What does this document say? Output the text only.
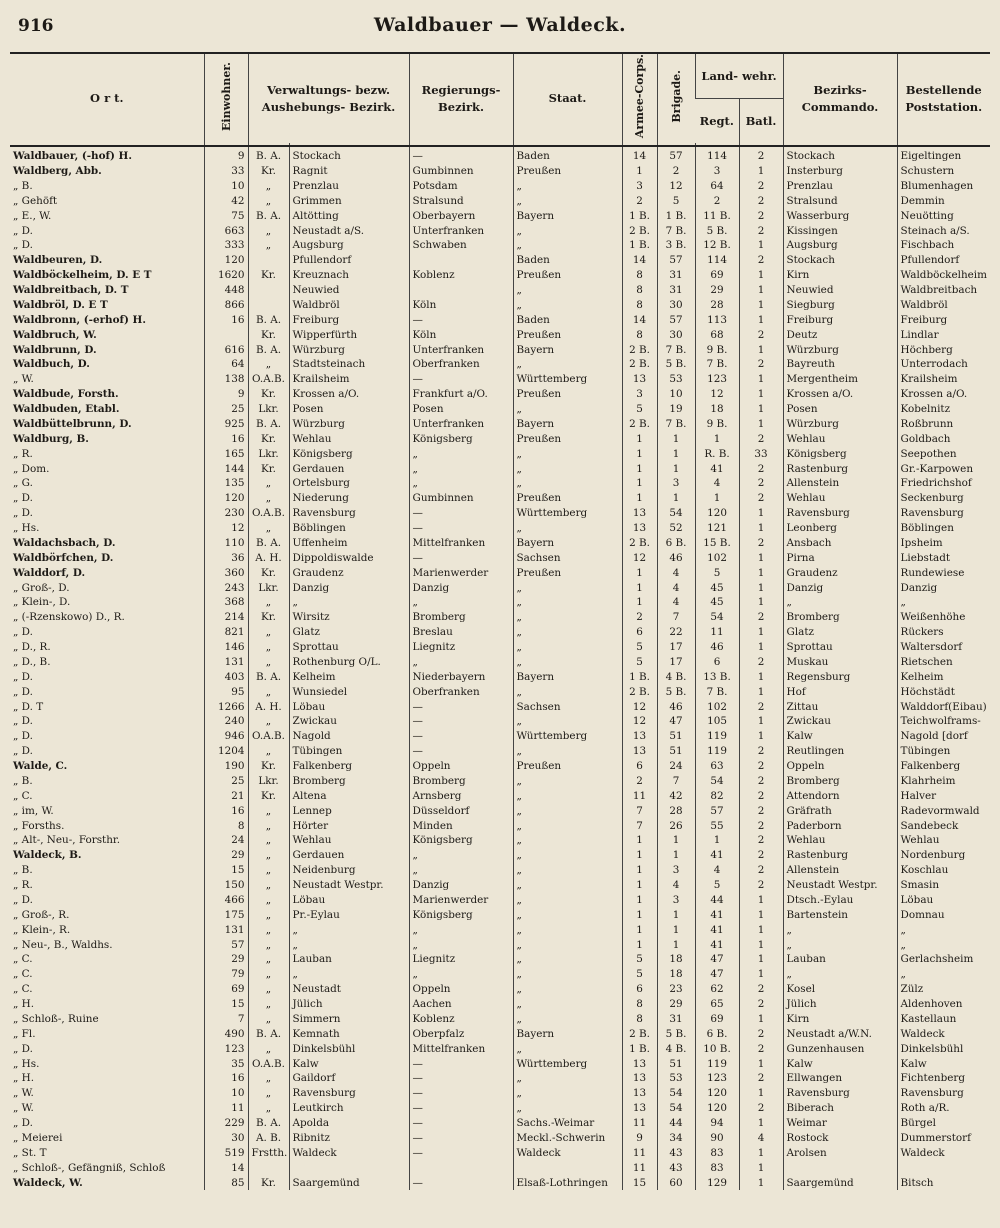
916	Waldbauer — Waldeck.
O r t.	Einwohner.	Verwaltungs- bezw. Aushebungs- Bezirk.		Regierungs- Bezirk.	Staat.	Armee-Corps.	Brigade.	Land- wehr.		Bezirks- Commando.	Bestellende Poststation.
								Regt.	Batl.		
Waldbauer, (-hof) H.	9	B. A.	Stockach	—	Baden	14	57	114	2	Stockach	Eigeltingen
Waldberg, Abb.	33	Kr.	Ragnit	Gumbinnen	Preußen	1	2	3	1	Insterburg	Schustern
„ B.	10	„	Prenzlau	Potsdam	„	3	12	64	2	Prenzlau	Blumenhagen
„ Gehöft	42	„	Grimmen	Stralsund	„	2	5	2	2	Stralsund	Demmin
„ E., W.	75	B. A.	Altötting	Oberbayern	Bayern	1 B.	1 B.	11 B.	2	Wasserburg	Neuötting
„ D.	663	„	Neustadt a/S.	Unterfranken	„	2 B.	7 B.	5 B.	2	Kissingen	Steinach a/S.
„ D.	333	„	Augsburg	Schwaben	„	1 B.	3 B.	12 B.	1	Augsburg	Fischbach
Waldbeuren, D.	120		Pfullendorf		Baden	14	57	114	2	Stockach	Pfullendorf
Waldböckelheim, D. E T	1620	Kr.	Kreuznach	Koblenz	Preußen	8	31	69	1	Kirn	Waldböckelheim
Waldbreitbach, D. T	448		Neuwied		„	8	31	29	1	Neuwied	Waldbreitbach
Waldbröl, D. E T	866		Waldbröl	Köln	„	8	30	28	1	Siegburg	Waldbröl
Waldbronn, (-erhof) H.	16	B. A.	Freiburg	—	Baden	14	57	113	1	Freiburg	Freiburg
Waldbruch, W.		Kr.	Wipperfürth	Köln	Preußen	8	30	68	2	Deutz	Lindlar
Waldbrunn, D.	616	B. A.	Würzburg	Unterfranken	Bayern	2 B.	7 B.	9 B.	1	Würzburg	Höchberg
Waldbuch, D.	64	„	Stadtsteinach	Oberfranken	„	2 B.	5 B.	7 B.	2	Bayreuth	Unterrodach
„ W.	138	O.A.B.	Krailsheim	—	Württemberg	13	53	123	1	Mergentheim	Krailsheim
Waldbude, Forsth.	9	Kr.	Krossen a/O.	Frankfurt a/O.	Preußen	3	10	12	1	Krossen a/O.	Krossen a/O.
Waldbuden, Etabl.	25	Lkr.	Posen	Posen	„	5	19	18	1	Posen	Kobelnitz
Waldbüttelbrunn, D.	925	B. A.	Würzburg	Unterfranken	Bayern	2 B.	7 B.	9 B.	1	Würzburg	Roßbrunn
Waldburg, B.	16	Kr.	Wehlau	Königsberg	Preußen	1	1	1	2	Wehlau	Goldbach
„ R.	165	Lkr.	Königsberg	„	„	1	1	R. B.	33	Königsberg	Seepothen
„ Dom.	144	Kr.	Gerdauen	„	„	1	1	41	2	Rastenburg	Gr.-Karpowen
„ G.	135	„	Ortelsburg	„	„	1	3	4	2	Allenstein	Friedrichshof
„ D.	120	„	Niederung	Gumbinnen	Preußen	1	1	1	2	Wehlau	Seckenburg
„ D.	230	O.A.B.	Ravensburg	—	Württemberg	13	54	120	1	Ravensburg	Ravensburg
„ Hs.	12	„	Böblingen	—	„	13	52	121	1	Leonberg	Böblingen
Waldachsbach, D.	110	B. A.	Uffenheim	Mittelfranken	Bayern	2 B.	6 B.	15 B.	2	Ansbach	Ipsheim
Waldbörfchen, D.	36	A. H.	Dippoldiswalde	—	Sachsen	12	46	102	1	Pirna	Liebstadt
Walddorf, D.	360	Kr.	Graudenz	Marienwerder	Preußen	1	4	5	1	Graudenz	Rundewiese
„ Groß-, D.	243	Lkr.	Danzig	Danzig	„	1	4	45	1	Danzig	Danzig
„ Klein-, D.	368	„	„	„	„	1	4	45	1	„	„
„ (-Rzenskowo) D., R.	214	Kr.	Wirsitz	Bromberg	„	2	7	54	2	Bromberg	Weißenhöhe
„ D.	821	„	Glatz	Breslau	„	6	22	11	1	Glatz	Rückers
„ D., R.	146	„	Sprottau	Liegnitz	„	5	17	46	1	Sprottau	Waltersdorf
„ D., B.	131	„	Rothenburg O/L.	„	„	5	17	6	2	Muskau	Rietschen
„ D.	403	B. A.	Kelheim	Niederbayern	Bayern	1 B.	4 B.	13 B.	1	Regensburg	Kelheim
„ D.	95	„	Wunsiedel	Oberfranken	„	2 B.	5 B.	7 B.	1	Hof	Höchstädt
„ D. T	1266	A. H.	Löbau	—	Sachsen	12	46	102	2	Zittau	Walddorf(Eibau)
„ D.	240	„	Zwickau	—	„	12	47	105	1	Zwickau	Teichwolframs-
„ D.	946	O.A.B.	Nagold	—	Württemberg	13	51	119	1	Kalw	Nagold [dorf
„ D.	1204	„	Tübingen	—	„	13	51	119	2	Reutlingen	Tübingen
Walde, C.	190	Kr.	Falkenberg	Oppeln	Preußen	6	24	63	2	Oppeln	Falkenberg
„ B.	25	Lkr.	Bromberg	Bromberg	„	2	7	54	2	Bromberg	Klahrheim
„ C.	21	Kr.	Altena	Arnsberg	„	11	42	82	2	Attendorn	Halver
„ im, W.	16	„	Lennep	Düsseldorf	„	7	28	57	2	Gräfrath	Radevormwald
„ Forsths.	8	„	Hörter	Minden	„	7	26	55	2	Paderborn	Sandebeck
„ Alt-, Neu-, Forsthr.	24	„	Wehlau	Königsberg	„	1	1	1	2	Wehlau	Wehlau
Waldeck, B.	29	„	Gerdauen	„	„	1	1	41	2	Rastenburg	Nordenburg
„ B.	15	„	Neidenburg	„	„	1	3	4	2	Allenstein	Koschlau
„ R.	150	„	Neustadt Westpr.	Danzig	„	1	4	5	2	Neustadt Westpr.	Smasin
„ D.	466	„	Löbau	Marienwerder	„	1	3	44	1	Dtsch.-Eylau	Löbau
„ Groß-, R.	175	„	Pr.-Eylau	Königsberg	„	1	1	41	1	Bartenstein	Domnau
„ Klein-, R.	131	„	„	„	„	1	1	41	1	„	„
„ Neu-, B., Waldhs.	57	„	„	„	„	1	1	41	1	„	„
„ C.	29	„	Lauban	Liegnitz	„	5	18	47	1	Lauban	Gerlachsheim
„ C.	79	„	„	„	„	5	18	47	1	„	„
„ C.	69	„	Neustadt	Oppeln	„	6	23	62	2	Kosel	Zülz
„ H.	15	„	Jülich	Aachen	„	8	29	65	2	Jülich	Aldenhoven
„ Schloß-, Ruine	7	„	Simmern	Koblenz	„	8	31	69	1	Kirn	Kastellaun
„ Fl.	490	B. A.	Kemnath	Oberpfalz	Bayern	2 B.	5 B.	6 B.	2	Neustadt a/W.N.	Waldeck
„ D.	123	„	Dinkelsbühl	Mittelfranken	„	1 B.	4 B.	10 B.	2	Gunzenhausen	Dinkelsbühl
„ Hs.	35	O.A.B.	Kalw	—	Württemberg	13	51	119	1	Kalw	Kalw
„ H.	16	„	Gaildorf	—	„	13	53	123	2	Ellwangen	Fichtenberg
„ W.	10	„	Ravensburg	—	„	13	54	120	1	Ravensburg	Ravensburg
„ W.	11	„	Leutkirch	—	„	13	54	120	2	Biberach	Roth a/R.
„ D.	229	B. A.	Apolda	—	Sachs.-Weimar	11	44	94	1	Weimar	Bürgel
„ Meierei	30	A. B.	Ribnitz	—	Meckl.-Schwerin	9	34	90	4	Rostock	Dummerstorf
„ St. T	519	Frstth.	Waldeck	—	Waldeck	11	43	83	1	Arolsen	Waldeck
„ Schloß-, Gefängniß, Schloß	14					11	43	83	1		
Waldeck, W.	85	Kr.	Saargemünd	—	Elsaß-Lothringen	15	60	129	1	Saargemünd	Bitsch
